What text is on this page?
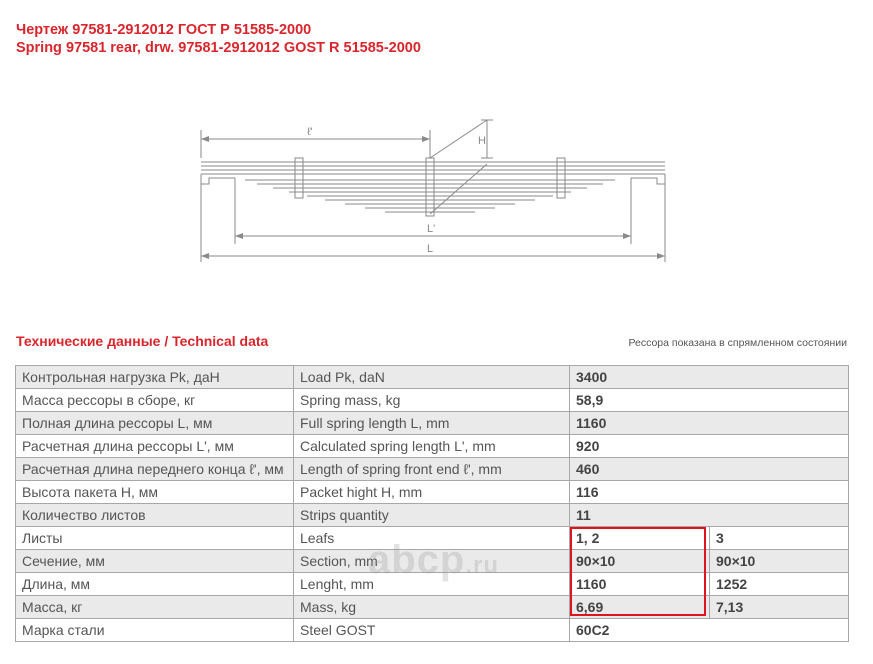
Чертеж 97581-2912012 ГОСТ Р 51585-2000
Spring 97581 rear, drw. 97581-2912012 GOST R 51585-2000
ℓ'
H
L'
L
Технические данные / Technical data	Рессора показана в спрямленном состоянии
Контрольная нагрузка Pk, даН	Load Pk, daN	3400	
Масса рессоры в сборе, кг	Spring mass, kg	58,9	
Полная длина рессоры L, мм	Full spring length L, mm	1160	
Расчетная длина рессоры L', мм	Calculated spring length L', mm	920	
Расчетная длина переднего конца ℓ', мм	Length of spring front end ℓ', mm	460	
Высота пакета H, мм	Packet hight H, mm	116	
Количество листов	Strips quantity	11	
Листы	Leafs	1, 2	3
Сечение, мм	Section, mm	90×10	90×10
Длина, мм	Lenght, mm	1160	1252
Масса, кг	Mass, kg	6,69	7,13
Марка стали	Steel GOST	60С2	
abcp.ru
